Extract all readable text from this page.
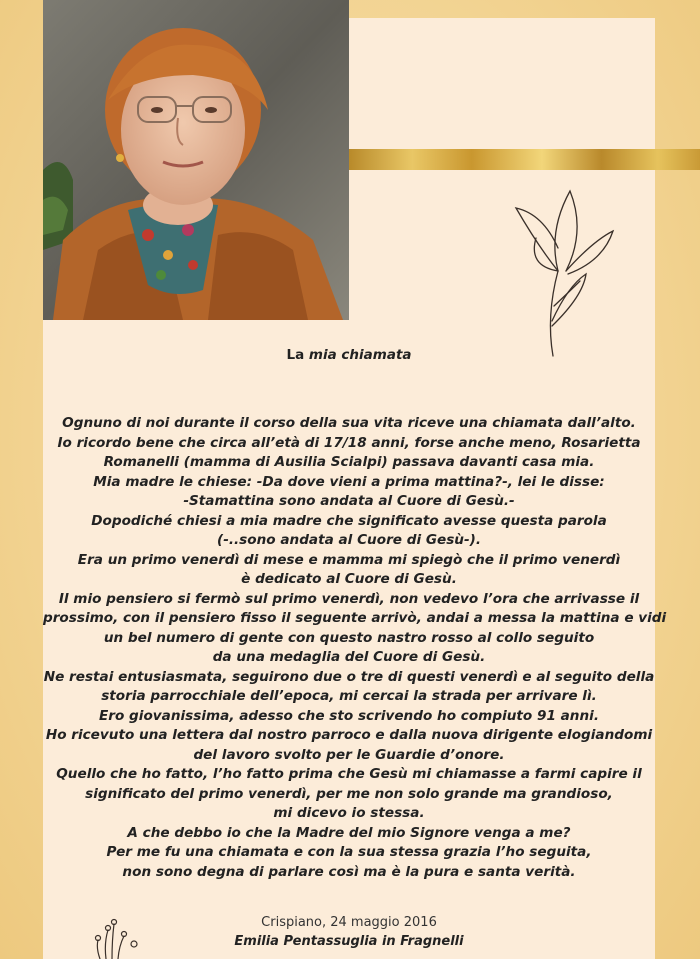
La mia chiamata
Ognuno di noi durante il corso della sua vita riceve una chiamata dall’alto.
Io ricordo bene che circa all’età di 17/18 anni, forse anche meno, Rosarietta
Romanelli (mamma di Ausilia Scialpi) passava davanti casa mia.
Mia madre le chiese: -Da dove vieni a prima mattina?-, lei le disse:
-Stamattina sono andata al Cuore di Gesù.-
Dopodiché chiesi a mia madre che significato avesse questa parola
(-..sono andata al Cuore di Gesù-).
Era un primo venerdì di mese e mamma mi spiegò che il primo venerdì
è dedicato al Cuore di Gesù.
Il mio pensiero si fermò sul primo venerdì, non vedevo l’ora che arrivasse il
prossimo, con il pensiero fisso il seguente arrivò, andai a messa la mattina e vidi
un bel numero di gente con questo nastro rosso al collo seguito
da una medaglia del Cuore di Gesù.
Ne restai entusiasmata, seguirono due o tre di questi venerdì e al seguito della
storia parrocchiale dell’epoca, mi cercai la strada per arrivare lì.
Ero giovanissima, adesso che sto scrivendo ho compiuto 91 anni.
Ho ricevuto una lettera dal nostro parroco e dalla nuova dirigente elogiandomi
del lavoro svolto per le Guardie d’onore.
Quello che ho fatto, l’ho fatto prima che Gesù mi chiamasse a farmi capire il
significato del primo venerdì, per me non solo grande ma grandioso,
mi dicevo io stessa.
A che debbo io che la Madre del mio Signore venga a me?
Per me fu una chiamata e con la sua stessa grazia l’ho seguita,
non sono degna di parlare così ma è la pura e santa verità.
Crispiano, 24 maggio 2016
Emilia Pentassuglia in Fragnelli
